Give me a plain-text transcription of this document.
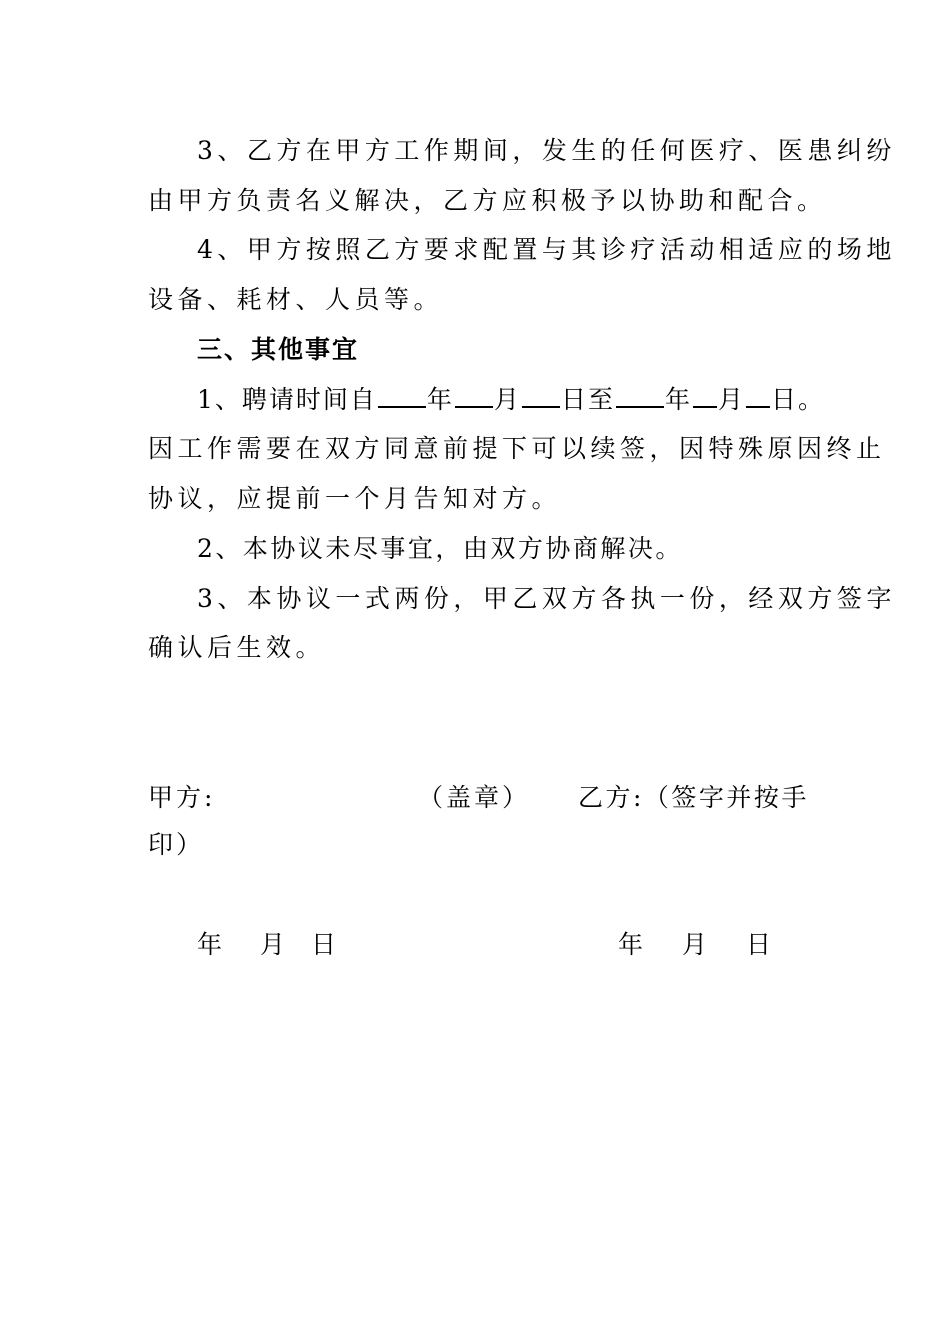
3、乙方在甲方工作期间，发生的任何医疗、医患纠纷
由甲方负责名义解决，乙方应积极予以协助和配合。
4、甲方按照乙方要求配置与其诊疗活动相适应的场地
设备、耗材、人员等。
三、其他事宜
1、聘请时间自 年 月 日至 年 月 日。
因工作需要在双方同意前提下可以续签，因特殊原因终止
协议，应提前一个月告知对方。
2、本协议未尽事宜，由双方协商解决。
3、本协议一式两份，甲乙双方各执一份，经双方签字
确认后生效。
甲方:	（盖章） 乙方:（签字并按手
印）
年 月 日	年 月 日
